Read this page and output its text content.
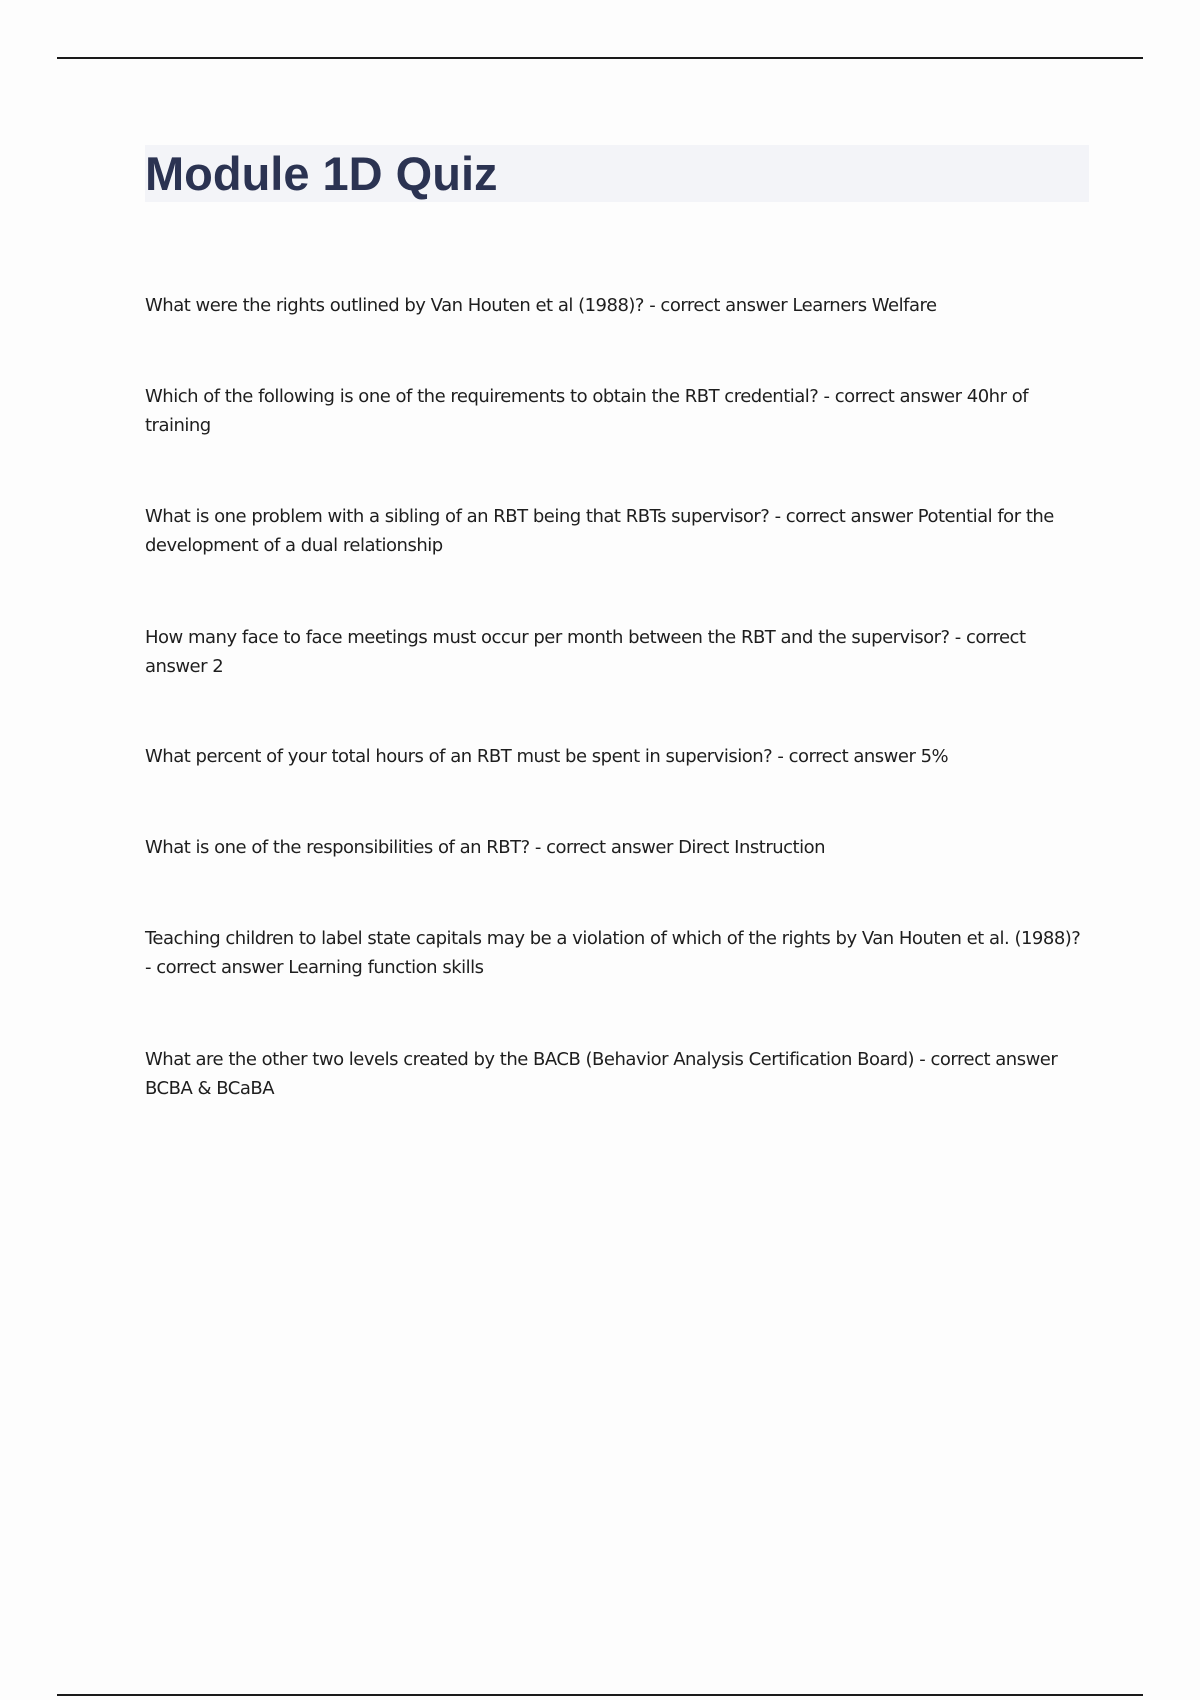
Module 1D Quiz

What were the rights outlined by Van Houten et al (1988)? - correct answer Learners Welfare

Which of the following is one of the requirements to obtain the RBT credential? - correct answer 40hr of training

What is one problem with a sibling of an RBT being that RBTs supervisor? - correct answer Potential for the development of a dual relationship

How many face to face meetings must occur per month between the RBT and the supervisor? - correct answer 2

What percent of your total hours of an RBT must be spent in supervision? - correct answer 5%

What is one of the responsibilities of an RBT? - correct answer Direct Instruction

Teaching children to label state capitals may be a violation of which of the rights by Van Houten et al. (1988)? - correct answer Learning function skills

What are the other two levels created by the BACB (Behavior Analysis Certification Board) - correct answer BCBA & BCaBA
